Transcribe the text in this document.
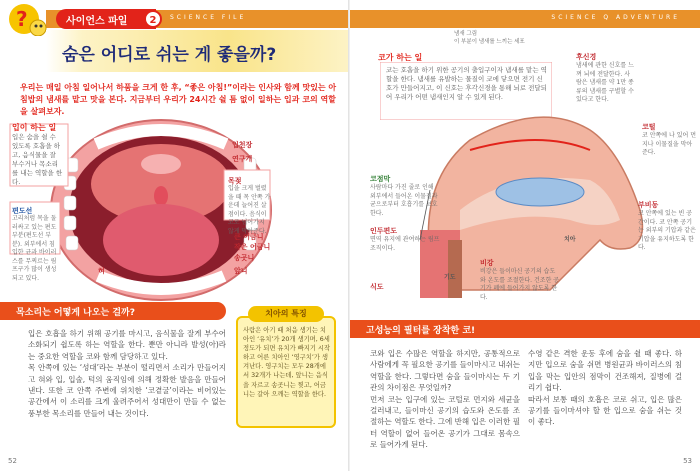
사이언스 파일	2	SCIENCE FILE
?
숨은 어디로 쉬는 게 좋을까?
우리는 매일 아침 일어나서 하품을 크게 한 후, “좋은 아침!”이라는 인사와 함께 맛있는 아침밥의 냄새를 맡고 맛을 본다. 지금부터 우리가 24시간 쉴 틈 없이 일하는 입과 코의 역할을 살펴보자.
입이 하는 일
입은 숨을 쉴 수 있도록 호흡을 하고, 음식물을 잘 부수거나 목소리를 내는 역할을 한다.
편도선
고리처럼 목을 둘러싸고 있는 편도 부분(편도선 부분). 외부에서 침입한 균과 바이러스를 무찌르는 림프구가 많이 생성되고 있다.
입천장
연구개
목젖
입을 크게 벌렸을 때 목 안쪽 가운데 늘어진 살점이다. 음식이 코로 넘어가지 않게 막아준다.
큰 어금니
작은 어금니
송곳니
앞니
혀
목소리는 어떻게 나오는 걸까?
입은 호흡을 하기 위해 공기를 마시고, 음식물을 잘게 부수어 소화되기 쉽도록 하는 역할을 한다. 뿐만 아니라 발성(아)라는 중요한 역할을 코와 함께 담당하고 있다.
목 안쪽에 있는 ‘성대’라는 부분이 떨리면서 소리가 만들어지고 혀와 입, 입술, 턱의 움직임에 의해 정확한 발음을 만들어 낸다. 또한 코 안쪽 주변에 위치한 ‘코곁굴’이라는 비어있는 공간에서 이 소리를 크게 울려주어서 성대만이 만들 수 없는 풍부한 목소리를 만들어 내는 것이다.
치아의 특징
사람은 아기 때 처음 생기는 치아인 ‘유치’가 20개 생기며, 6세 정도가 되면 유치가 빠지기 시작하고 어른 치아인 ‘영구치’가 생겨난다. 영구치는 모두 28개에서 32개가 나는데, 앞니는 음식을 자르고 송곳니는 찢고, 어금니는 갈아 으깨는 역할을 한다.
52
SCIENCE Q ADVENTURE
냄새 그림
이 부분이 냄새를 느끼는 세포
코가 하는 일
코는 호흡을 하기 위한 공기의 출입구이자 냄새를 맡는 역할을 한다. 냄새를 유발하는 물질이 코에 닿으면 전기 신호가 만들어지고, 이 신호는 후각신경을 통해 뇌로 전달되어 우리가 어떤 냄새인지 알 수 있게 된다.
후신경
냄새에 관한 신호를 느껴 뇌에 전달한다. 사람은 냄새를 약 1만 종류의 냄새를 구별할 수 있다고 한다.
코털
코 안쪽에 나 있어 먼지나 이물질을 막아준다.
코점막
사람마다 가진 줄로 인해 외부에서 들어온 이물질과 균으로부터 호흡기를 보호한다.
인두편도
면역 유지에 관여하는 림프 조직이다.
식도
기도
비강
비강은 들이마신 공기의 습도와 온도를 조절한다. 건조한 공기가 폐에 들어가지 않도록 한다.
부비동
코 안쪽에 있는 빈 공간이다. 코 안쪽 공기는 외부의 기압과 같은 기압을 유지하도록 한다.
치아
고성능의 필터를 장착한 코!
코와 입은 수많은 역할을 하지만, 공통적으로 사람에게 꼭 필요한 공기를 들이마시고 내쉬는 역할을 한다. 그렇다면 숨을 들이마시는 두 기관의 차이점은 무엇일까?
먼저 코는 입구에 있는 코털로 먼지와 세균을 걸러내고, 들이마신 공기의 습도와 온도를 조절하는 역할도 한다. 그에 반해 입은 이러한 필터 역할이 없어 들어온 공기가 그대로 몸속으로 들어가게 된다.
수영 같은 격한 운동 후에 숨을 쉴 때 좋다. 하지만 입으로 숨을 쉬면 병원균과 바이러스의 침입을 막는 입안의 점막이 건조해져, 질병에 걸리기 쉽다.
따라서 보통 때의 호흡은 코로 쉬고, 입은 많은 공기를 들이마셔야 할 한 입으로 숨을 쉬는 것이 좋다.
53
